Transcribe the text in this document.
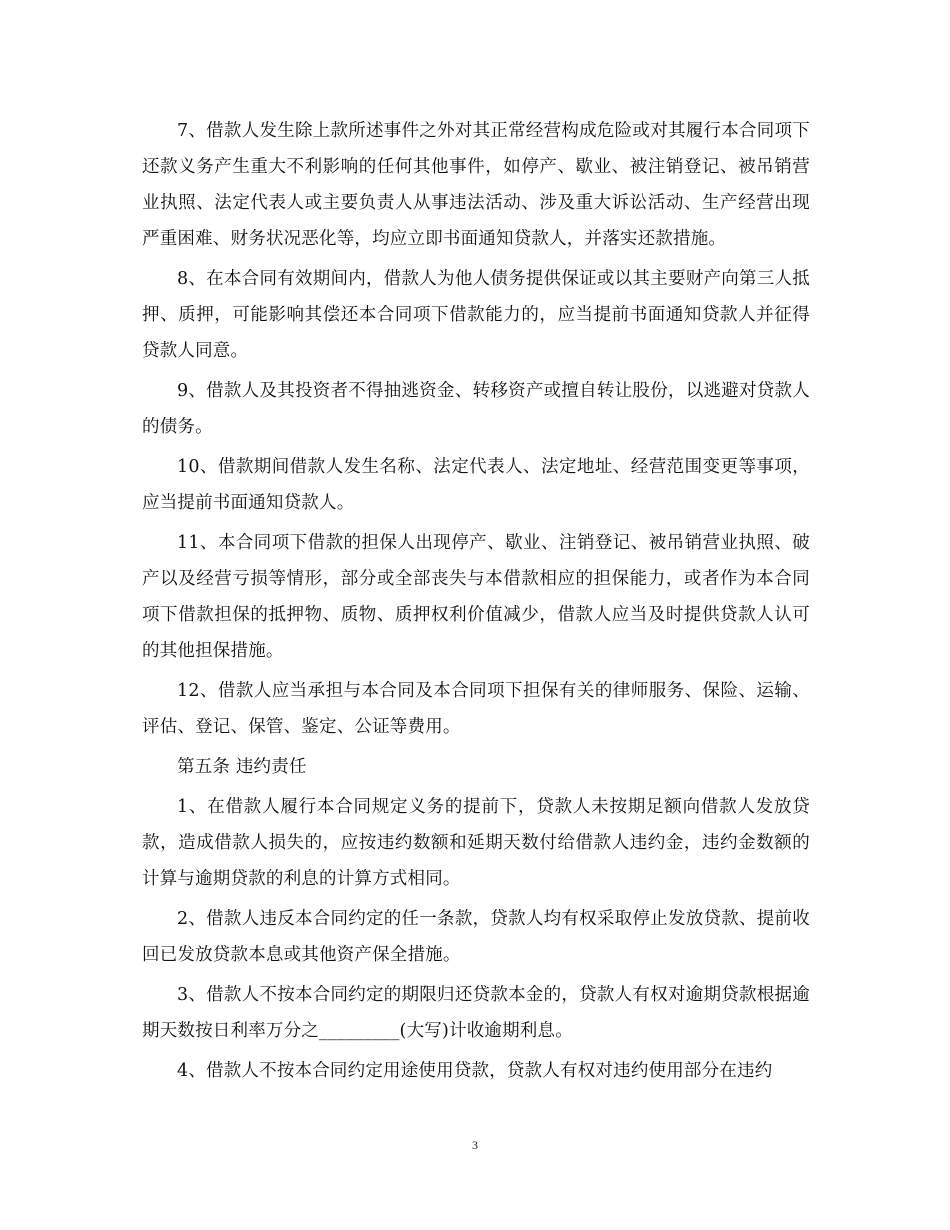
7、借款人发生除上款所述事件之外对其正常经营构成危险或对其履行本合同项下还款义务产生重大不利影响的任何其他事件，如停产、歇业、被注销登记、被吊销营业执照、法定代表人或主要负责人从事违法活动、涉及重大诉讼活动、生产经营出现严重困难、财务状况恶化等，均应立即书面通知贷款人，并落实还款措施。

8、在本合同有效期间内，借款人为他人债务提供保证或以其主要财产向第三人抵押、质押，可能影响其偿还本合同项下借款能力的，应当提前书面通知贷款人并征得贷款人同意。

9、借款人及其投资者不得抽逃资金、转移资产或擅自转让股份，以逃避对贷款人的债务。

10、借款期间借款人发生名称、法定代表人、法定地址、经营范围变更等事项，应当提前书面通知贷款人。

11、本合同项下借款的担保人出现停产、歇业、注销登记、被吊销营业执照、破产以及经营亏损等情形，部分或全部丧失与本借款相应的担保能力，或者作为本合同项下借款担保的抵押物、质物、质押权利价值减少，借款人应当及时提供贷款人认可的其他担保措施。

12、借款人应当承担与本合同及本合同项下担保有关的律师服务、保险、运输、评估、登记、保管、鉴定、公证等费用。

第五条 违约责任

1、在借款人履行本合同规定义务的提前下，贷款人未按期足额向借款人发放贷款，造成借款人损失的，应按违约数额和延期天数付给借款人违约金，违约金数额的计算与逾期贷款的利息的计算方式相同。

2、借款人违反本合同约定的任一条款，贷款人均有权采取停止发放贷款、提前收回已发放贷款本息或其他资产保全措施。

3、借款人不按本合同约定的期限归还贷款本金的，贷款人有权对逾期贷款根据逾期天数按日利率万分之_________(大写)计收逾期利息。

4、借款人不按本合同约定用途使用贷款，贷款人有权对违约使用部分在违约

3
